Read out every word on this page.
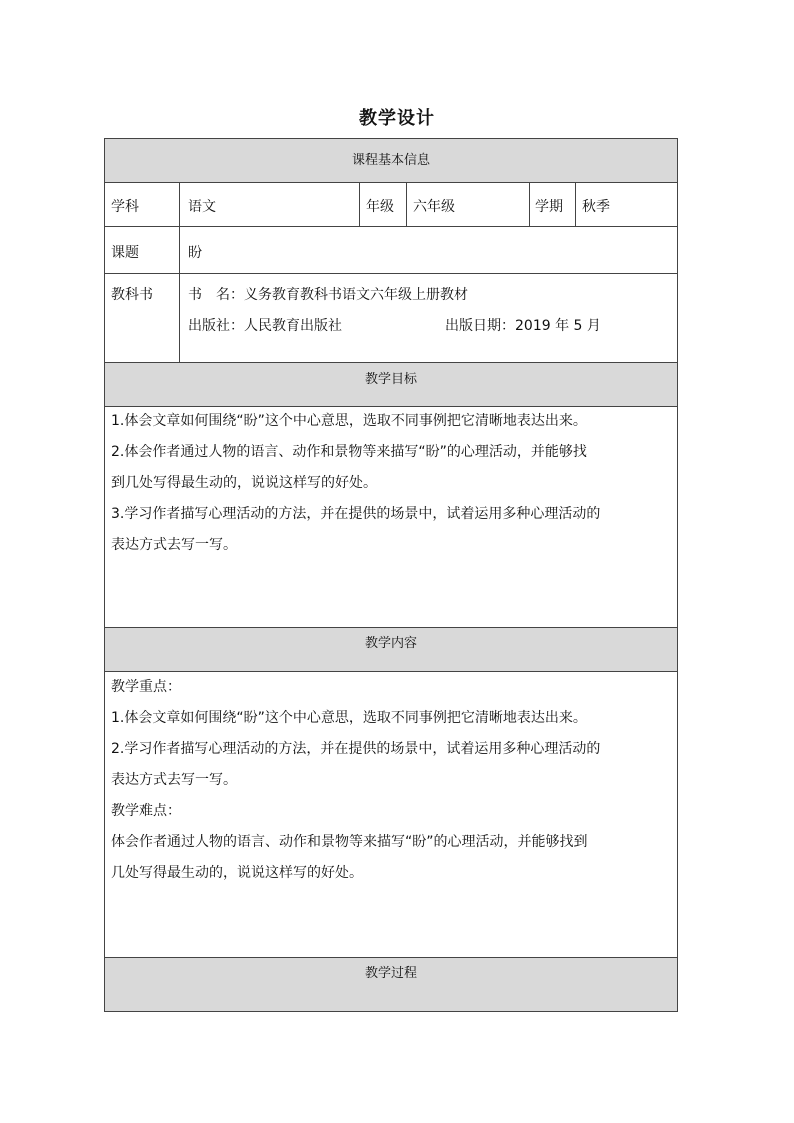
教学设计
课程基本信息
学科	语文	年级 六年级	学期 秋季
课题	盼
教科书	书　名：义务教育教科书语文六年级上册教材
出版社：人民教育出版社	出版日期：2019 年 5 月
教学目标
1.体会文章如何围绕“盼”这个中心意思，选取不同事例把它清晰地表达出来。
2.体会作者通过人物的语言、动作和景物等来描写“盼”的心理活动，并能够找
到几处写得最生动的，说说这样写的好处。
3.学习作者描写心理活动的方法，并在提供的场景中，试着运用多种心理活动的
表达方式去写一写。
教学内容
教学重点：
1.体会文章如何围绕“盼”这个中心意思，选取不同事例把它清晰地表达出来。
2.学习作者描写心理活动的方法，并在提供的场景中，试着运用多种心理活动的
表达方式去写一写。
教学难点：
体会作者通过人物的语言、动作和景物等来描写“盼”的心理活动，并能够找到
几处写得最生动的，说说这样写的好处。
教学过程
